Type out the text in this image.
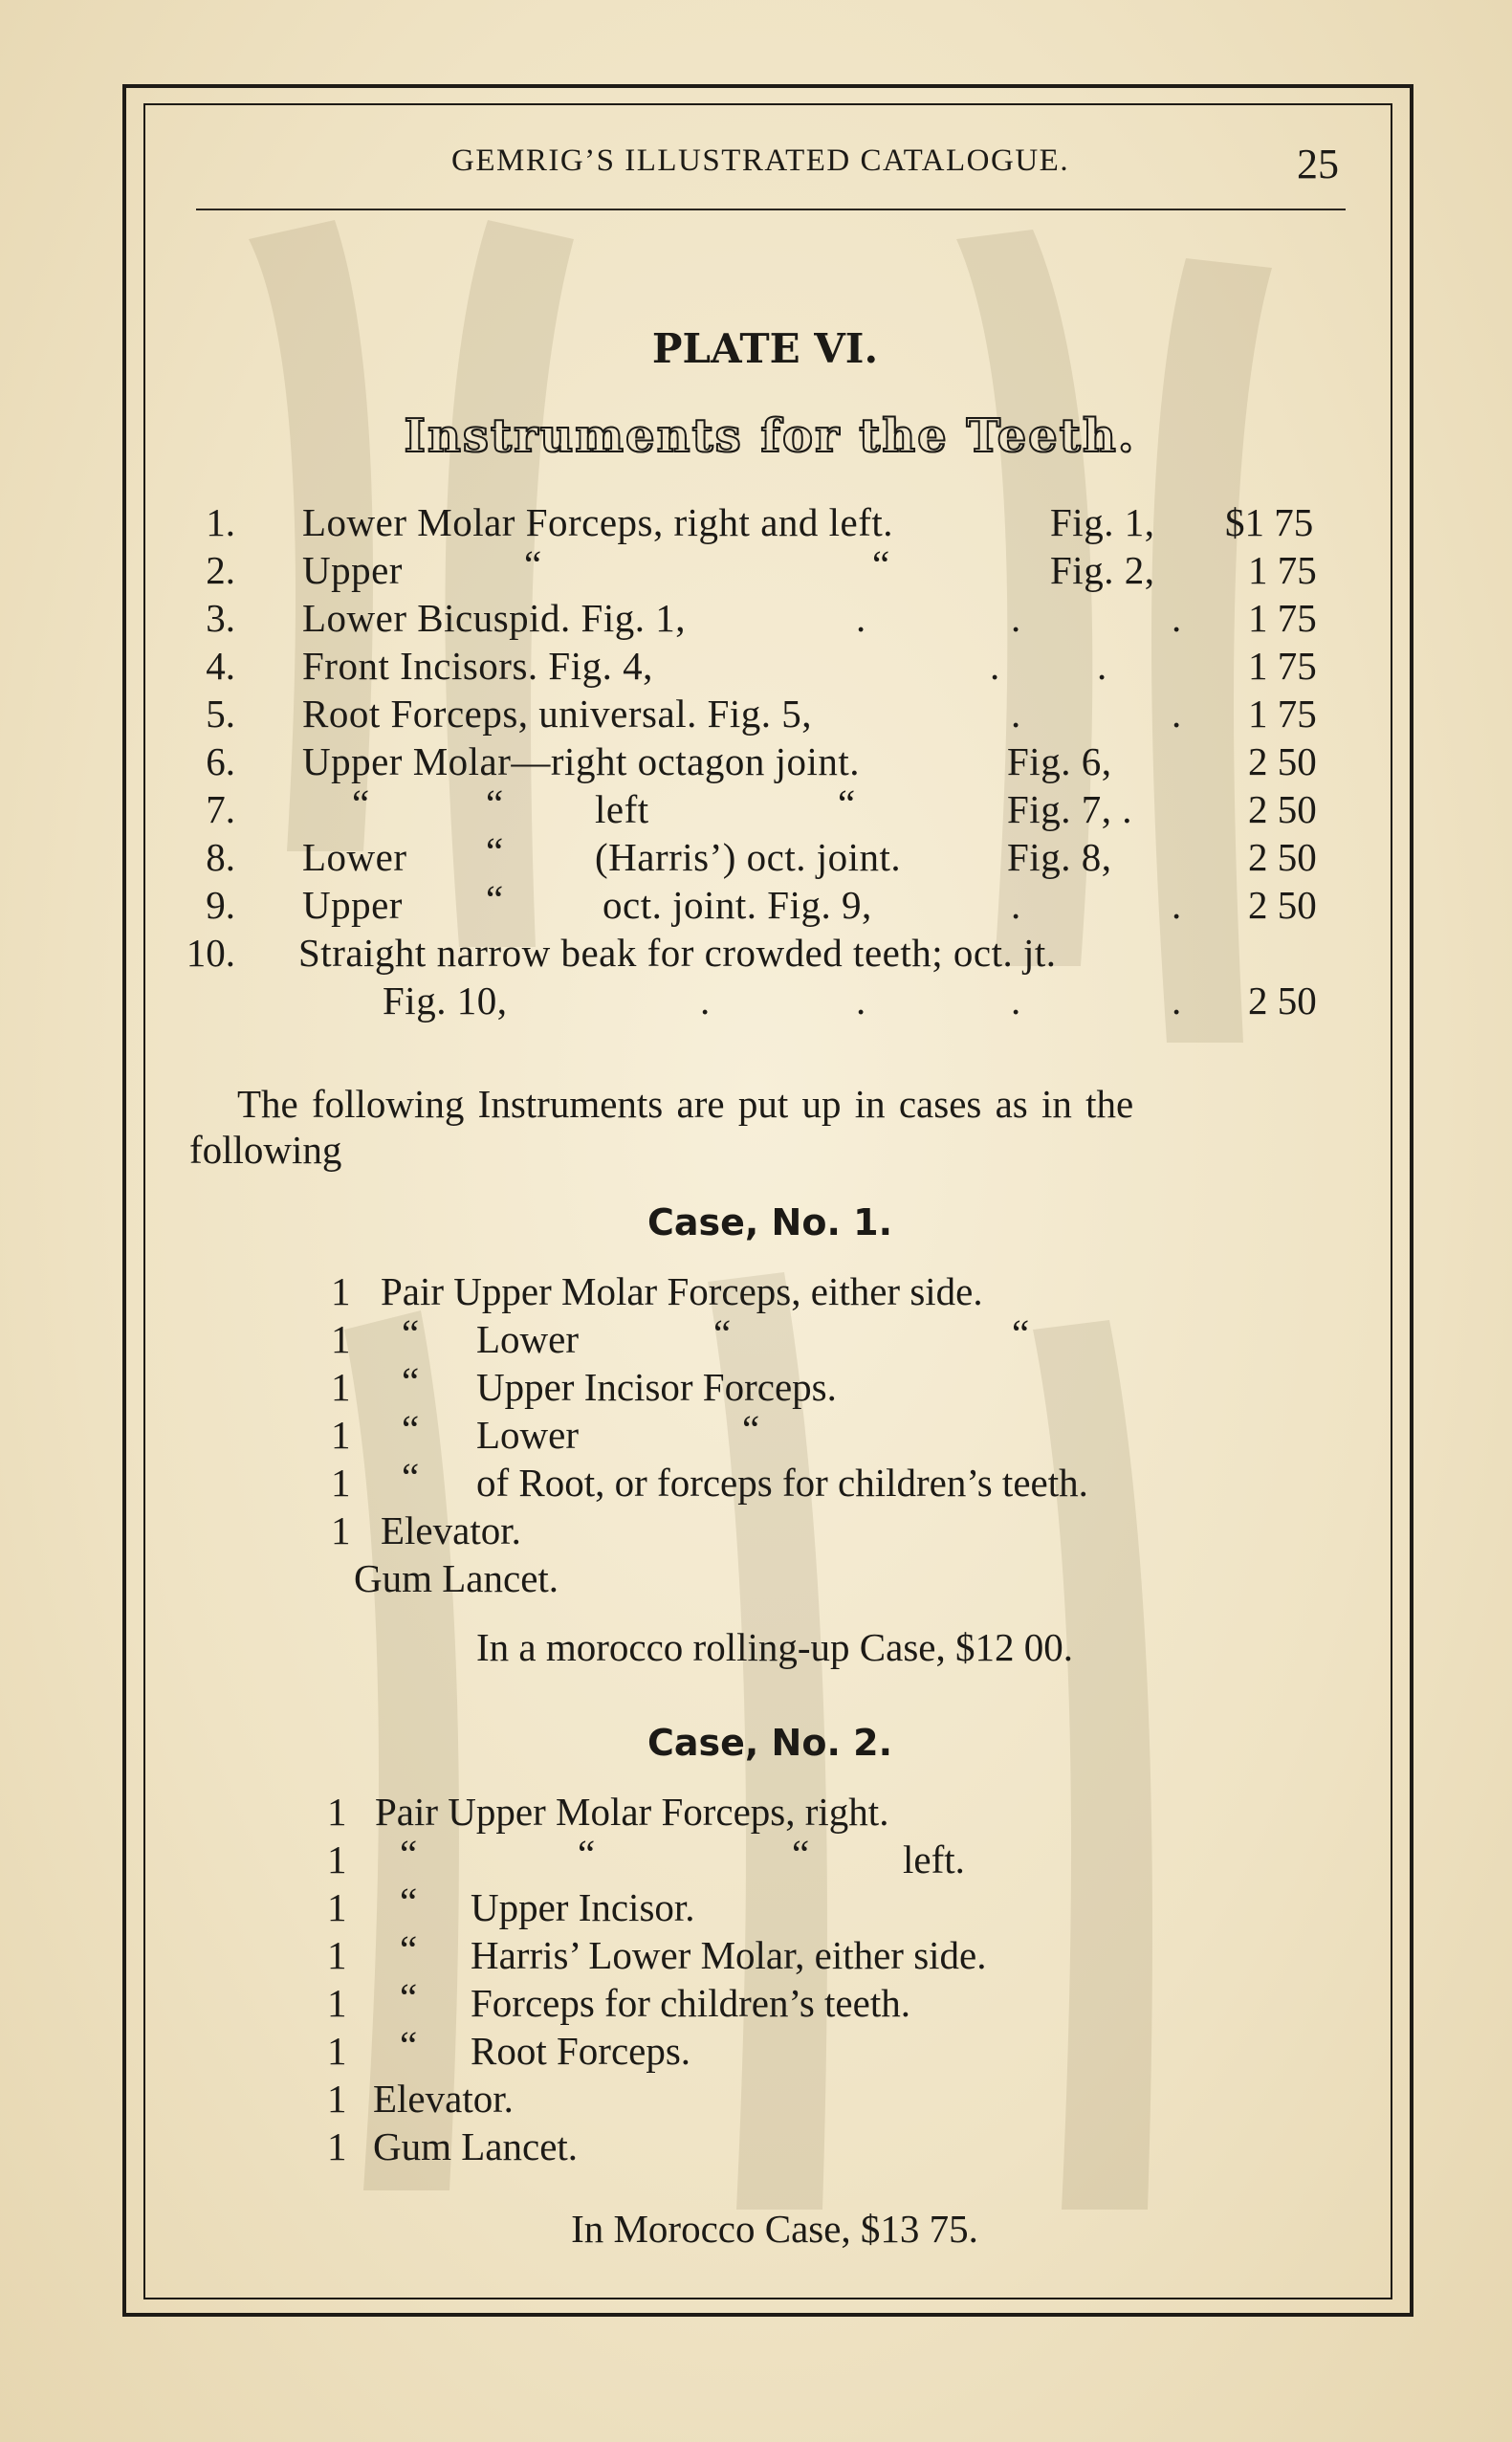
GEMRIG’S ILLUSTRATED CATALOGUE.	25
PLATE VI.
Instruments for the Teeth.
1. Lower Molar Forceps, right and left.	Fig. 1, $1 75
2. Upper	“	“	Fig. 2, 1 75
3. Lower Bicuspid. Fig. 1,	.	.	. 1 75
4. Front Incisors. Fig. 4,	. .	1 75
5. Root Forceps, universal. Fig. 5,	.	. 1 75
6. Upper Molar—right octagon joint.	Fig. 6,	2 50
7.	“	“ left	“	Fig. 7, .	2 50
8. Lower “ (Harris’) oct. joint.	Fig. 8,	2 50
9. Upper “	oct. joint. Fig. 9,	.	. 2 50
10. Straight narrow beak for crowded teeth; oct. jt.
Fig. 10,	.	.	.	. 2 50
The following Instruments are put up in cases as in the
following
Case, No. 1.
1 Pair Upper Molar Forceps, either side.
1 “ Lower	“	“
1 “ Upper Incisor Forceps.
1 “ Lower	“
1 “ of Root, or forceps for children’s teeth.
1 Elevator.
Gum Lancet.
In a morocco rolling-up Case, $12 00.
Case, No. 2.
1 Pair Upper Molar Forceps, right.
1 “	“	“ left.
1 “ Upper Incisor.
1 “ Harris’ Lower Molar, either side.
1 “ Forceps for children’s teeth.
1 “ Root Forceps.
1 Elevator.
1 Gum Lancet.
In Morocco Case, $13 75.
